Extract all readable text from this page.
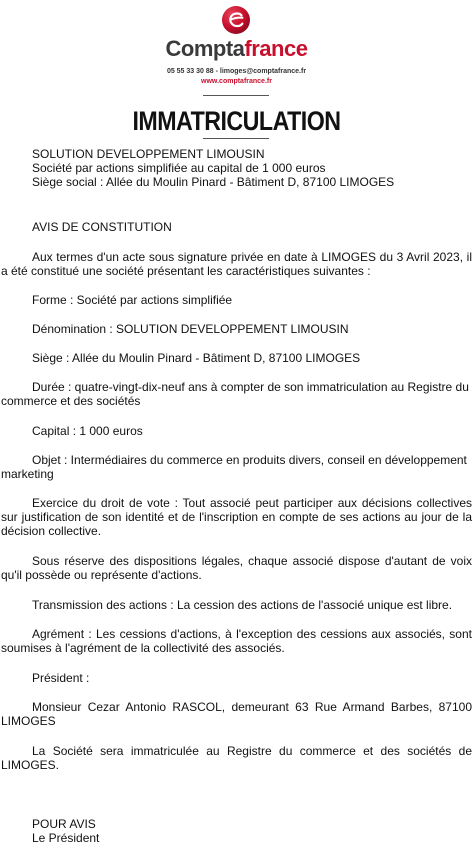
Comptafrance
05 55 33 30 88 - limoges@comptafrance.fr
www.comptafrance.fr
IMMATRICULATION
SOLUTION DEVELOPPEMENT LIMOUSIN
Société par actions simplifiée au capital de 1 000 euros
Siège social : Allée du Moulin Pinard - Bâtiment D, 87100 LIMOGES
AVIS DE CONSTITUTION
Aux termes d'un acte sous signature privée en date à LIMOGES du 3 Avril 2023, il a été constitué une société présentant les caractéristiques suivantes :
Forme : Société par actions simplifiée
Dénomination : SOLUTION DEVELOPPEMENT LIMOUSIN
Siège : Allée du Moulin Pinard - Bâtiment D, 87100 LIMOGES
Durée : quatre-vingt-dix-neuf ans à compter de son immatriculation au Registre du commerce et des sociétés
Capital : 1 000 euros
Objet : Intermédiaires du commerce en produits divers, conseil en développement marketing
Exercice du droit de vote : Tout associé peut participer aux décisions collectives sur justification de son identité et de l'inscription en compte de ses actions au jour de la décision collective.
Sous réserve des dispositions légales, chaque associé dispose d'autant de voix qu'il possède ou représente d'actions.
Transmission des actions : La cession des actions de l'associé unique est libre.
Agrément : Les cessions d'actions, à l'exception des cessions aux associés, sont soumises à l'agrément de la collectivité des associés.
Président :
Monsieur Cezar Antonio RASCOL, demeurant 63 Rue Armand Barbes, 87100 LIMOGES
La Société sera immatriculée au Registre du commerce et des sociétés de LIMOGES.
POUR AVIS
Le Président
